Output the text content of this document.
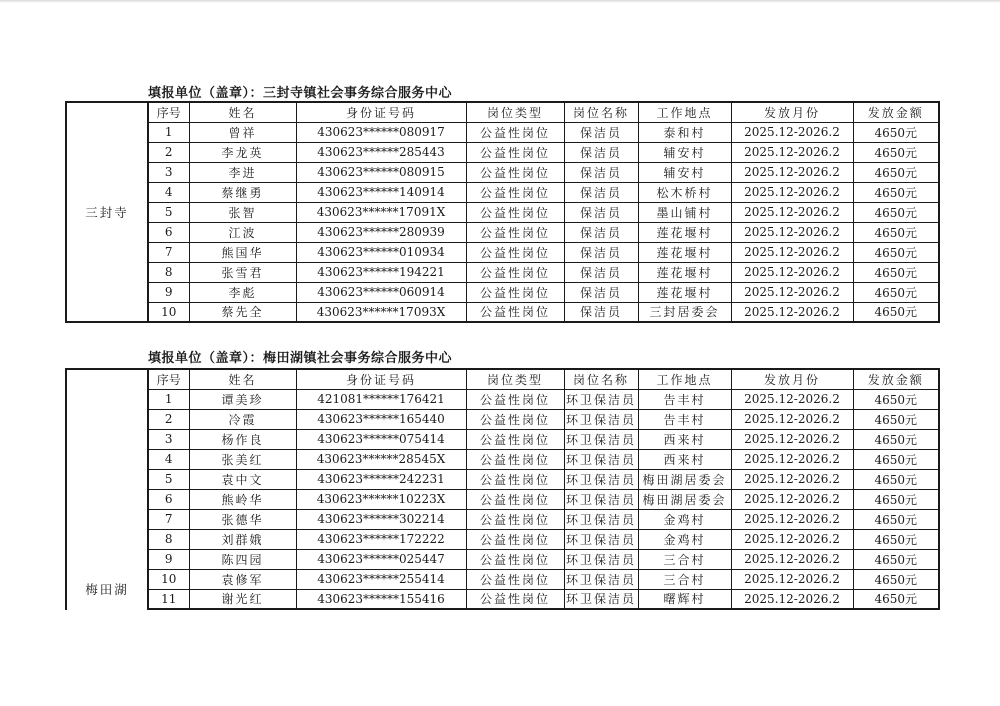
填报单位（盖章）：三封寺镇社会事务综合服务中心
三封寺
序号	姓名	身份证号码	岗位类型	岗位名称	工作地点	发放月份	发放金额
1	曾祥	430623******080917	公益性岗位	保洁员	泰和村	2025.12-2026.2	4650元
2	李龙英	430623******285443	公益性岗位	保洁员	辅安村	2025.12-2026.2	4650元
3	李进	430623******080915	公益性岗位	保洁员	辅安村	2025.12-2026.2	4650元
4	蔡继勇	430623******140914	公益性岗位	保洁员	松木桥村	2025.12-2026.2	4650元
5	张智	430623******17091X	公益性岗位	保洁员	墨山铺村	2025.12-2026.2	4650元
6	江波	430623******280939	公益性岗位	保洁员	莲花堰村	2025.12-2026.2	4650元
7	熊国华	430623******010934	公益性岗位	保洁员	莲花堰村	2025.12-2026.2	4650元
8	张雪君	430623******194221	公益性岗位	保洁员	莲花堰村	2025.12-2026.2	4650元
9	李彪	430623******060914	公益性岗位	保洁员	莲花堰村	2025.12-2026.2	4650元
10	蔡先全	430623******17093X	公益性岗位	保洁员	三封居委会	2025.12-2026.2	4650元
填报单位（盖章）：梅田湖镇社会事务综合服务中心
梅田湖
序号	姓名	身份证号码	岗位类型	岗位名称	工作地点	发放月份	发放金额
1	谭美珍	421081******176421	公益性岗位	环卫保洁员	告丰村	2025.12-2026.2	4650元
2	冷霞	430623******165440	公益性岗位	环卫保洁员	告丰村	2025.12-2026.2	4650元
3	杨作良	430623******075414	公益性岗位	环卫保洁员	西来村	2025.12-2026.2	4650元
4	张美红	430623******28545X	公益性岗位	环卫保洁员	西来村	2025.12-2026.2	4650元
5	袁中文	430623******242231	公益性岗位	环卫保洁员	梅田湖居委会	2025.12-2026.2	4650元
6	熊岭华	430623******10223X	公益性岗位	环卫保洁员	梅田湖居委会	2025.12-2026.2	4650元
7	张德华	430623******302214	公益性岗位	环卫保洁员	金鸡村	2025.12-2026.2	4650元
8	刘群娥	430623******172222	公益性岗位	环卫保洁员	金鸡村	2025.12-2026.2	4650元
9	陈四园	430623******025447	公益性岗位	环卫保洁员	三合村	2025.12-2026.2	4650元
10	袁修军	430623******255414	公益性岗位	环卫保洁员	三合村	2025.12-2026.2	4650元
11	谢光红	430623******155416	公益性岗位	环卫保洁员	曙辉村	2025.12-2026.2	4650元
